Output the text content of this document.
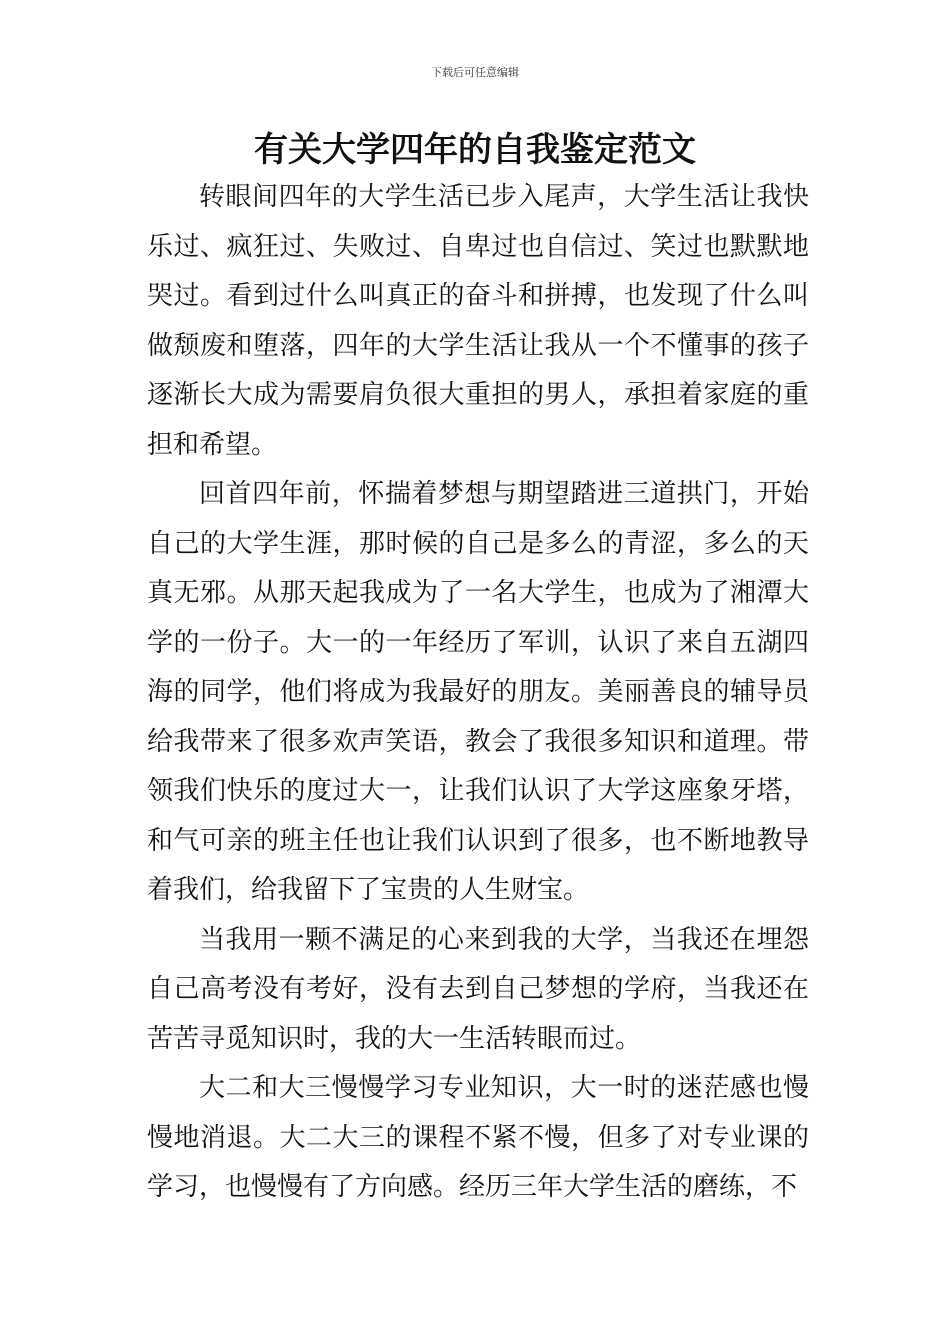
下载后可任意编辑
有关大学四年的自我鉴定范文

转眼间四年的大学生活已步入尾声，大学生活让我快乐过、疯狂过、失败过、自卑过也自信过、笑过也默默地哭过。看到过什么叫真正的奋斗和拼搏，也发现了什么叫做颓废和堕落，四年的大学生活让我从一个不懂事的孩子逐渐长大成为需要肩负很大重担的男人，承担着家庭的重担和希望。

回首四年前，怀揣着梦想与期望踏进三道拱门，开始自己的大学生涯，那时候的自己是多么的青涩，多么的天真无邪。从那天起我成为了一名大学生，也成为了湘潭大学的一份子。大一的一年经历了军训，认识了来自五湖四海的同学，他们将成为我最好的朋友。美丽善良的辅导员给我带来了很多欢声笑语，教会了我很多知识和道理。带领我们快乐的度过大一，让我们认识了大学这座象牙塔，和气可亲的班主任也让我们认识到了很多，也不断地教导着我们，给我留下了宝贵的人生财宝。

当我用一颗不满足的心来到我的大学，当我还在埋怨自己高考没有考好，没有去到自己梦想的学府，当我还在苦苦寻觅知识时，我的大一生活转眼而过。

大二和大三慢慢学习专业知识，大一时的迷茫感也慢慢地消退。大二大三的课程不紧不慢，但多了对专业课的学习，也慢慢有了方向感。经历三年大学生活的磨练，不
